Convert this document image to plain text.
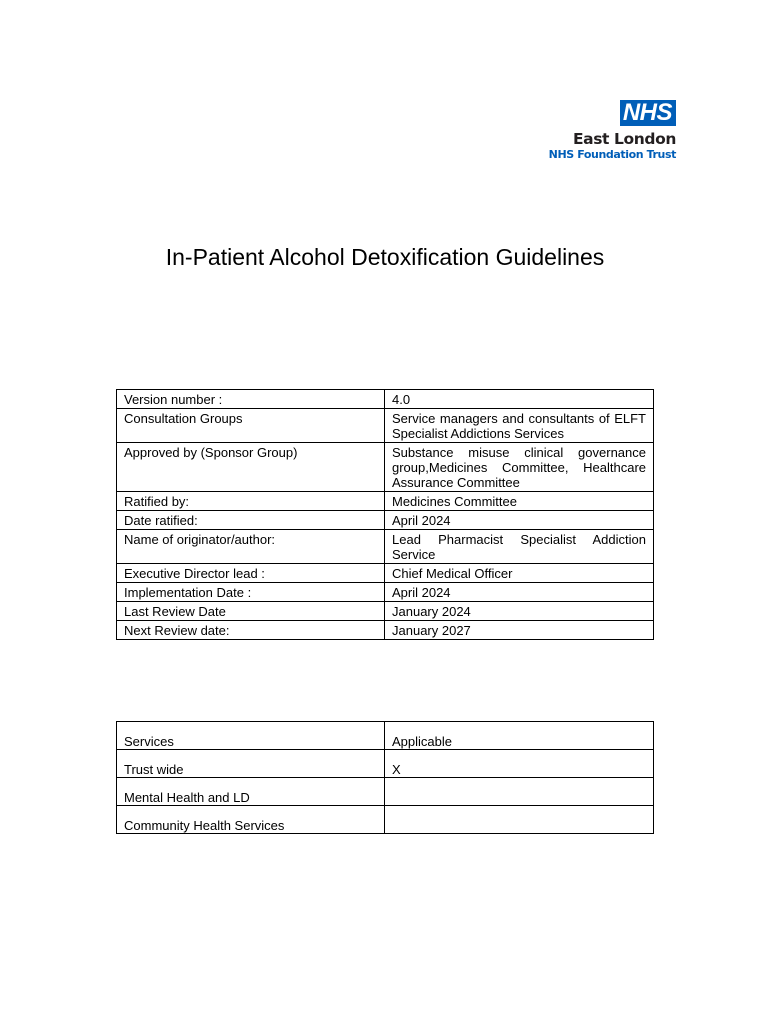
NHS
East London
NHS Foundation Trust
In-Patient Alcohol Detoxification Guidelines
Version number :	4.0
Consultation Groups	Service managers and consultants of ELFT Specialist Addictions Services
Approved by (Sponsor Group)	Substance misuse clinical governance group,Medicines Committee, Healthcare Assurance Committee
Ratified by:	Medicines Committee
Date ratified:	April 2024
Name of originator/author:	Lead Pharmacist Specialist Addiction Service
Executive Director lead :	Chief Medical Officer
Implementation Date :	April 2024
Last Review Date	January 2024
Next Review date:	January 2027
Services	Applicable
Trust wide	X
Mental Health and LD	
Community Health Services	
